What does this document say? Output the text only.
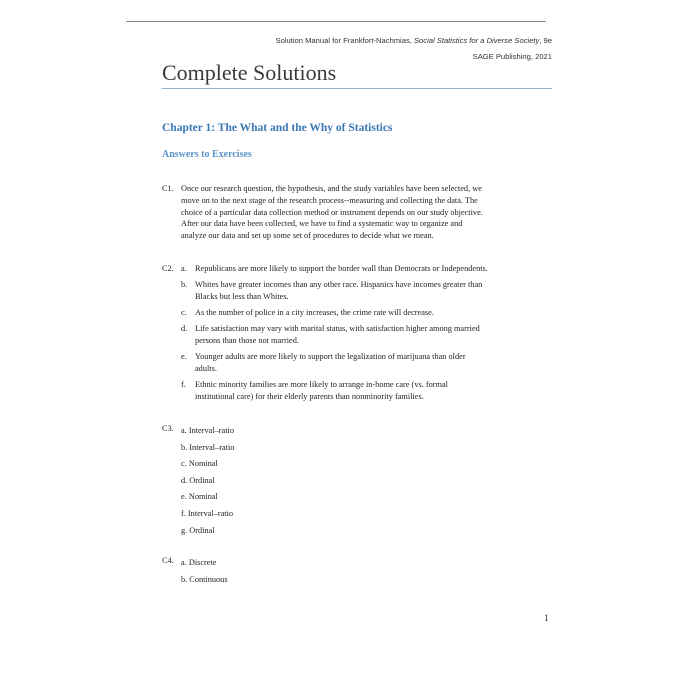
Solution Manual for Frankfort-Nachmias, Social Statistics for a Diverse Society, 9e
SAGE Publishing, 2021
Complete Solutions
Chapter 1: The What and the Why of Statistics
Answers to Exercises
C1. Once our research question, the hypothesis, and the study variables have been selected, we
move on to the next stage of the research process--measuring and collecting the data. The
choice of a particular data collection method or instrument depends on our study objective.
After our data have been collected, we have to find a systematic way to organize and
analyze our data and set up some set of procedures to decide what we mean.
C2. a. Republicans are more likely to support the border wall than Democrats or Independents.
b. Whites have greater incomes than any other race. Hispanics have incomes greater than
Blacks but less than Whites.
c. As the number of police in a city increases, the crime rate will decrease.
d. Life satisfaction may vary with marital status, with satisfaction higher among married
persons than those not married.
e. Younger adults are more likely to support the legalization of marijuana than older
adults.
f. Ethnic minority families are more likely to arrange in-home care (vs. formal
institutional care) for their elderly parents than nonminority families.
C3. a. Interval–ratio
b. Interval–ratio
c. Nominal
d. Ordinal
e. Nominal
f. Interval–ratio
g. Ordinal
C4. a. Discrete
b. Continuous
1
